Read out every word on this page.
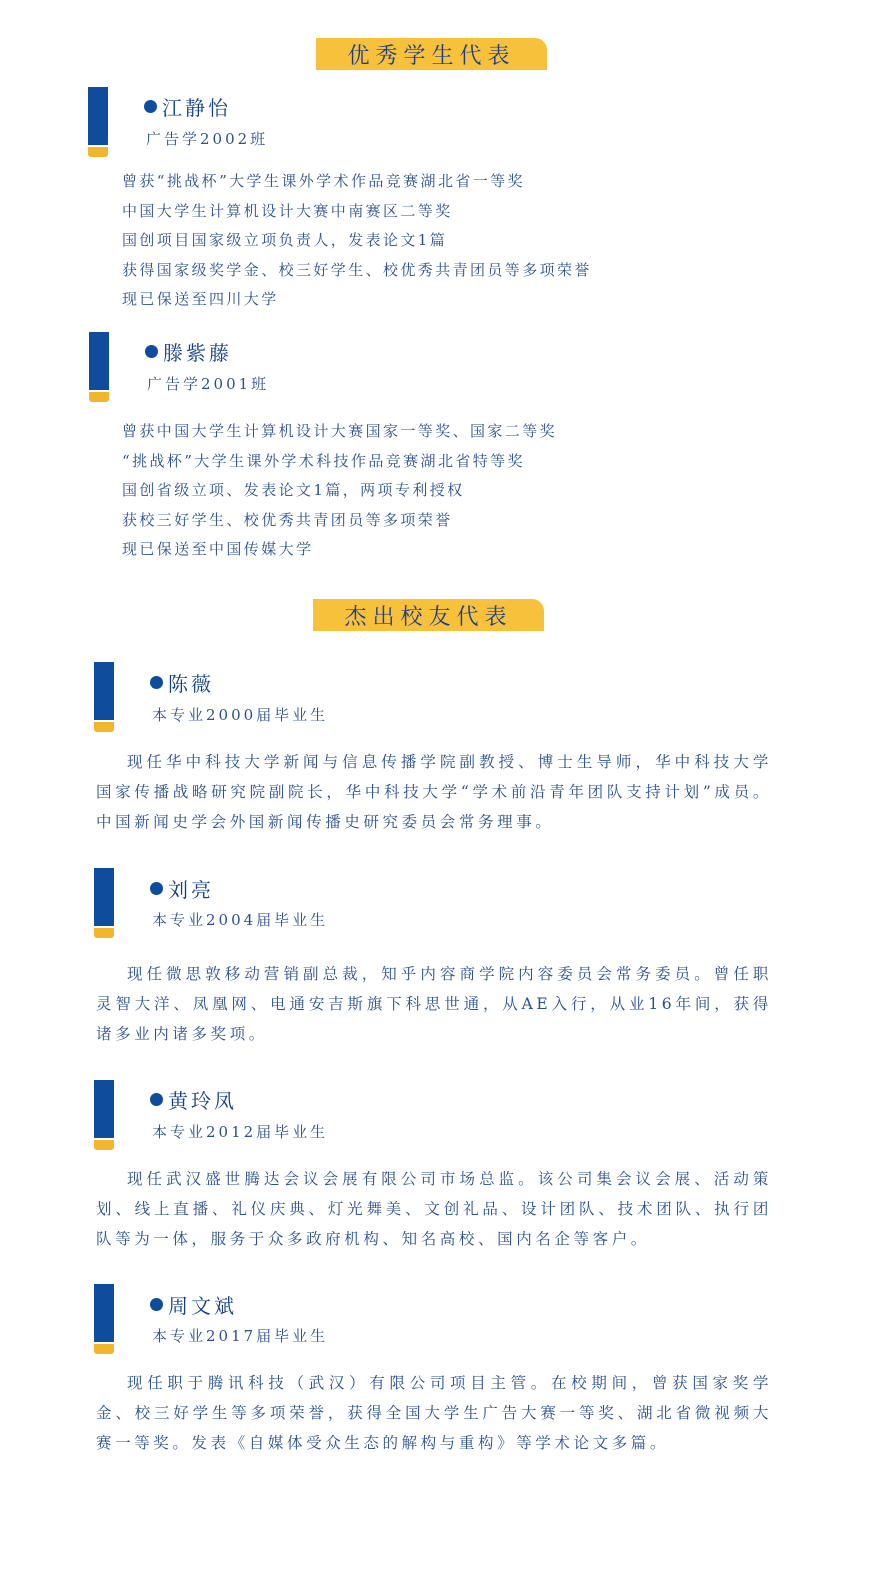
优秀学生代表
江静怡
广告学2002班
曾获“挑战杯”大学生课外学术作品竞赛湖北省一等奖
中国大学生计算机设计大赛中南赛区二等奖
国创项目国家级立项负责人，发表论文1篇
获得国家级奖学金、校三好学生、校优秀共青团员等多项荣誉
现已保送至四川大学
滕紫藤
广告学2001班
曾获中国大学生计算机设计大赛国家一等奖、国家二等奖
“挑战杯”大学生课外学术科技作品竞赛湖北省特等奖
国创省级立项、发表论文1篇，两项专利授权
获校三好学生、校优秀共青团员等多项荣誉
现已保送至中国传媒大学
杰出校友代表
陈薇
本专业2000届毕业生

现任华中科技大学新闻与信息传播学院副教授、博士生导师，华中科技大学国家传播战略研究院副院长，华中科技大学“学术前沿青年团队支持计划”成员。中国新闻史学会外国新闻传播史研究委员会常务理事。

刘亮
本专业2004届毕业生

现任微思敦移动营销副总裁，知乎内容商学院内容委员会常务委员。曾任职灵智大洋、凤凰网、电通安吉斯旗下科思世通，从AE入行，从业16年间，获得诸多业内诸多奖项。

黄玲凤
本专业2012届毕业生

现任武汉盛世腾达会议会展有限公司市场总监。该公司集会议会展、活动策划、线上直播、礼仪庆典、灯光舞美、文创礼品、设计团队、技术团队、执行团队等为一体，服务于众多政府机构、知名高校、国内名企等客户。

周文斌
本专业2017届毕业生

现任职于腾讯科技（武汉）有限公司项目主管。在校期间，曾获国家奖学金、校三好学生等多项荣誉，获得全国大学生广告大赛一等奖、湖北省微视频大赛一等奖。发表《自媒体受众生态的解构与重构》等学术论文多篇。
